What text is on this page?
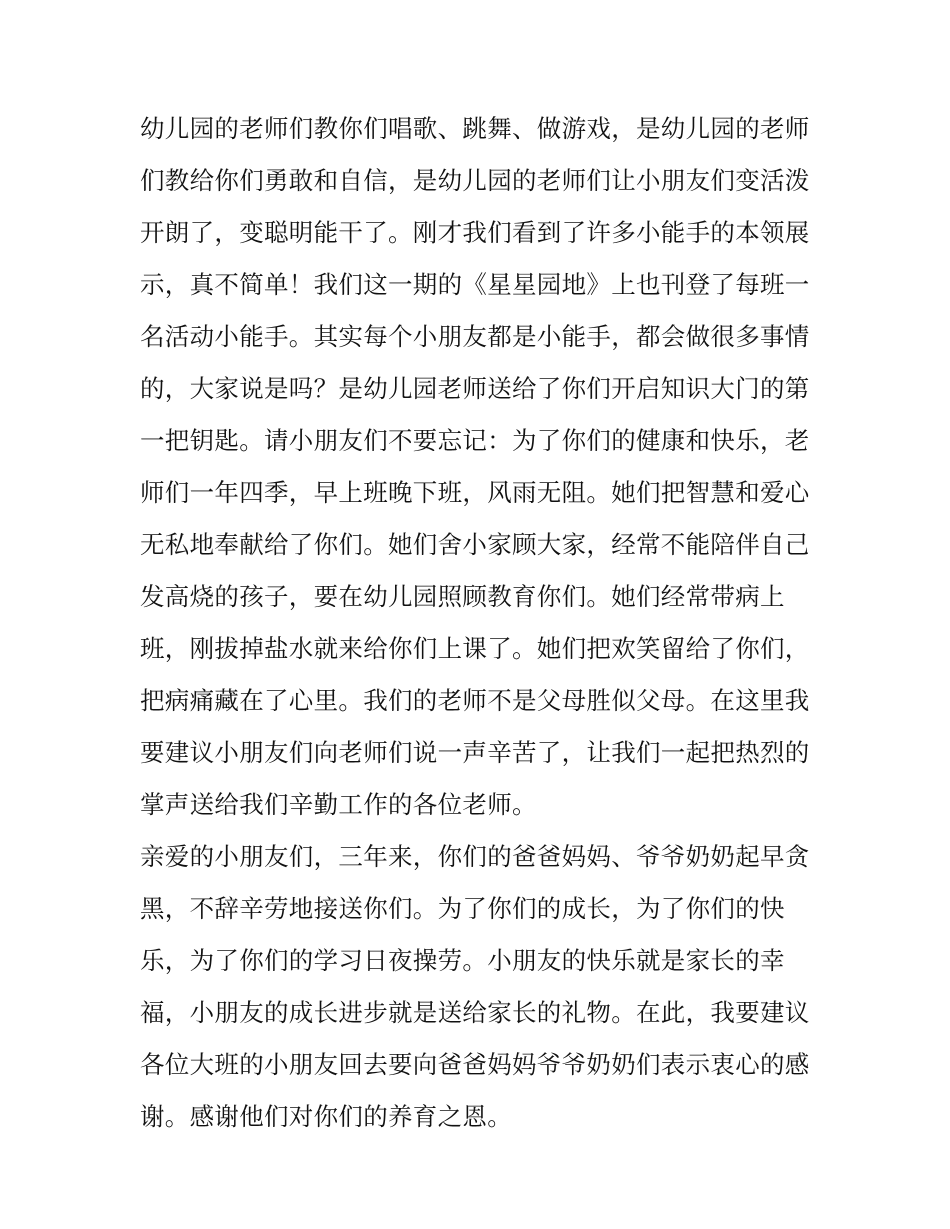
幼儿园的老师们教你们唱歌、跳舞、做游戏，是幼儿园的老师
们教给你们勇敢和自信，是幼儿园的老师们让小朋友们变活泼
开朗了，变聪明能干了。刚才我们看到了许多小能手的本领展
示，真不简单！我们这一期的《星星园地》上也刊登了每班一
名活动小能手。其实每个小朋友都是小能手，都会做很多事情
的，大家说是吗？是幼儿园老师送给了你们开启知识大门的第
一把钥匙。请小朋友们不要忘记：为了你们的健康和快乐，老
师们一年四季，早上班晚下班，风雨无阻。她们把智慧和爱心
无私地奉献给了你们。她们舍小家顾大家，经常不能陪伴自己
发高烧的孩子，要在幼儿园照顾教育你们。她们经常带病上
班，刚拔掉盐水就来给你们上课了。她们把欢笑留给了你们，
把病痛藏在了心里。我们的老师不是父母胜似父母。在这里我
要建议小朋友们向老师们说一声辛苦了，让我们一起把热烈的
掌声送给我们辛勤工作的各位老师。
亲爱的小朋友们，三年来，你们的爸爸妈妈、爷爷奶奶起早贪
黑，不辞辛劳地接送你们。为了你们的成长，为了你们的快
乐，为了你们的学习日夜操劳。小朋友的快乐就是家长的幸
福，小朋友的成长进步就是送给家长的礼物。在此，我要建议
各位大班的小朋友回去要向爸爸妈妈爷爷奶奶们表示衷心的感
谢。感谢他们对你们的养育之恩。
